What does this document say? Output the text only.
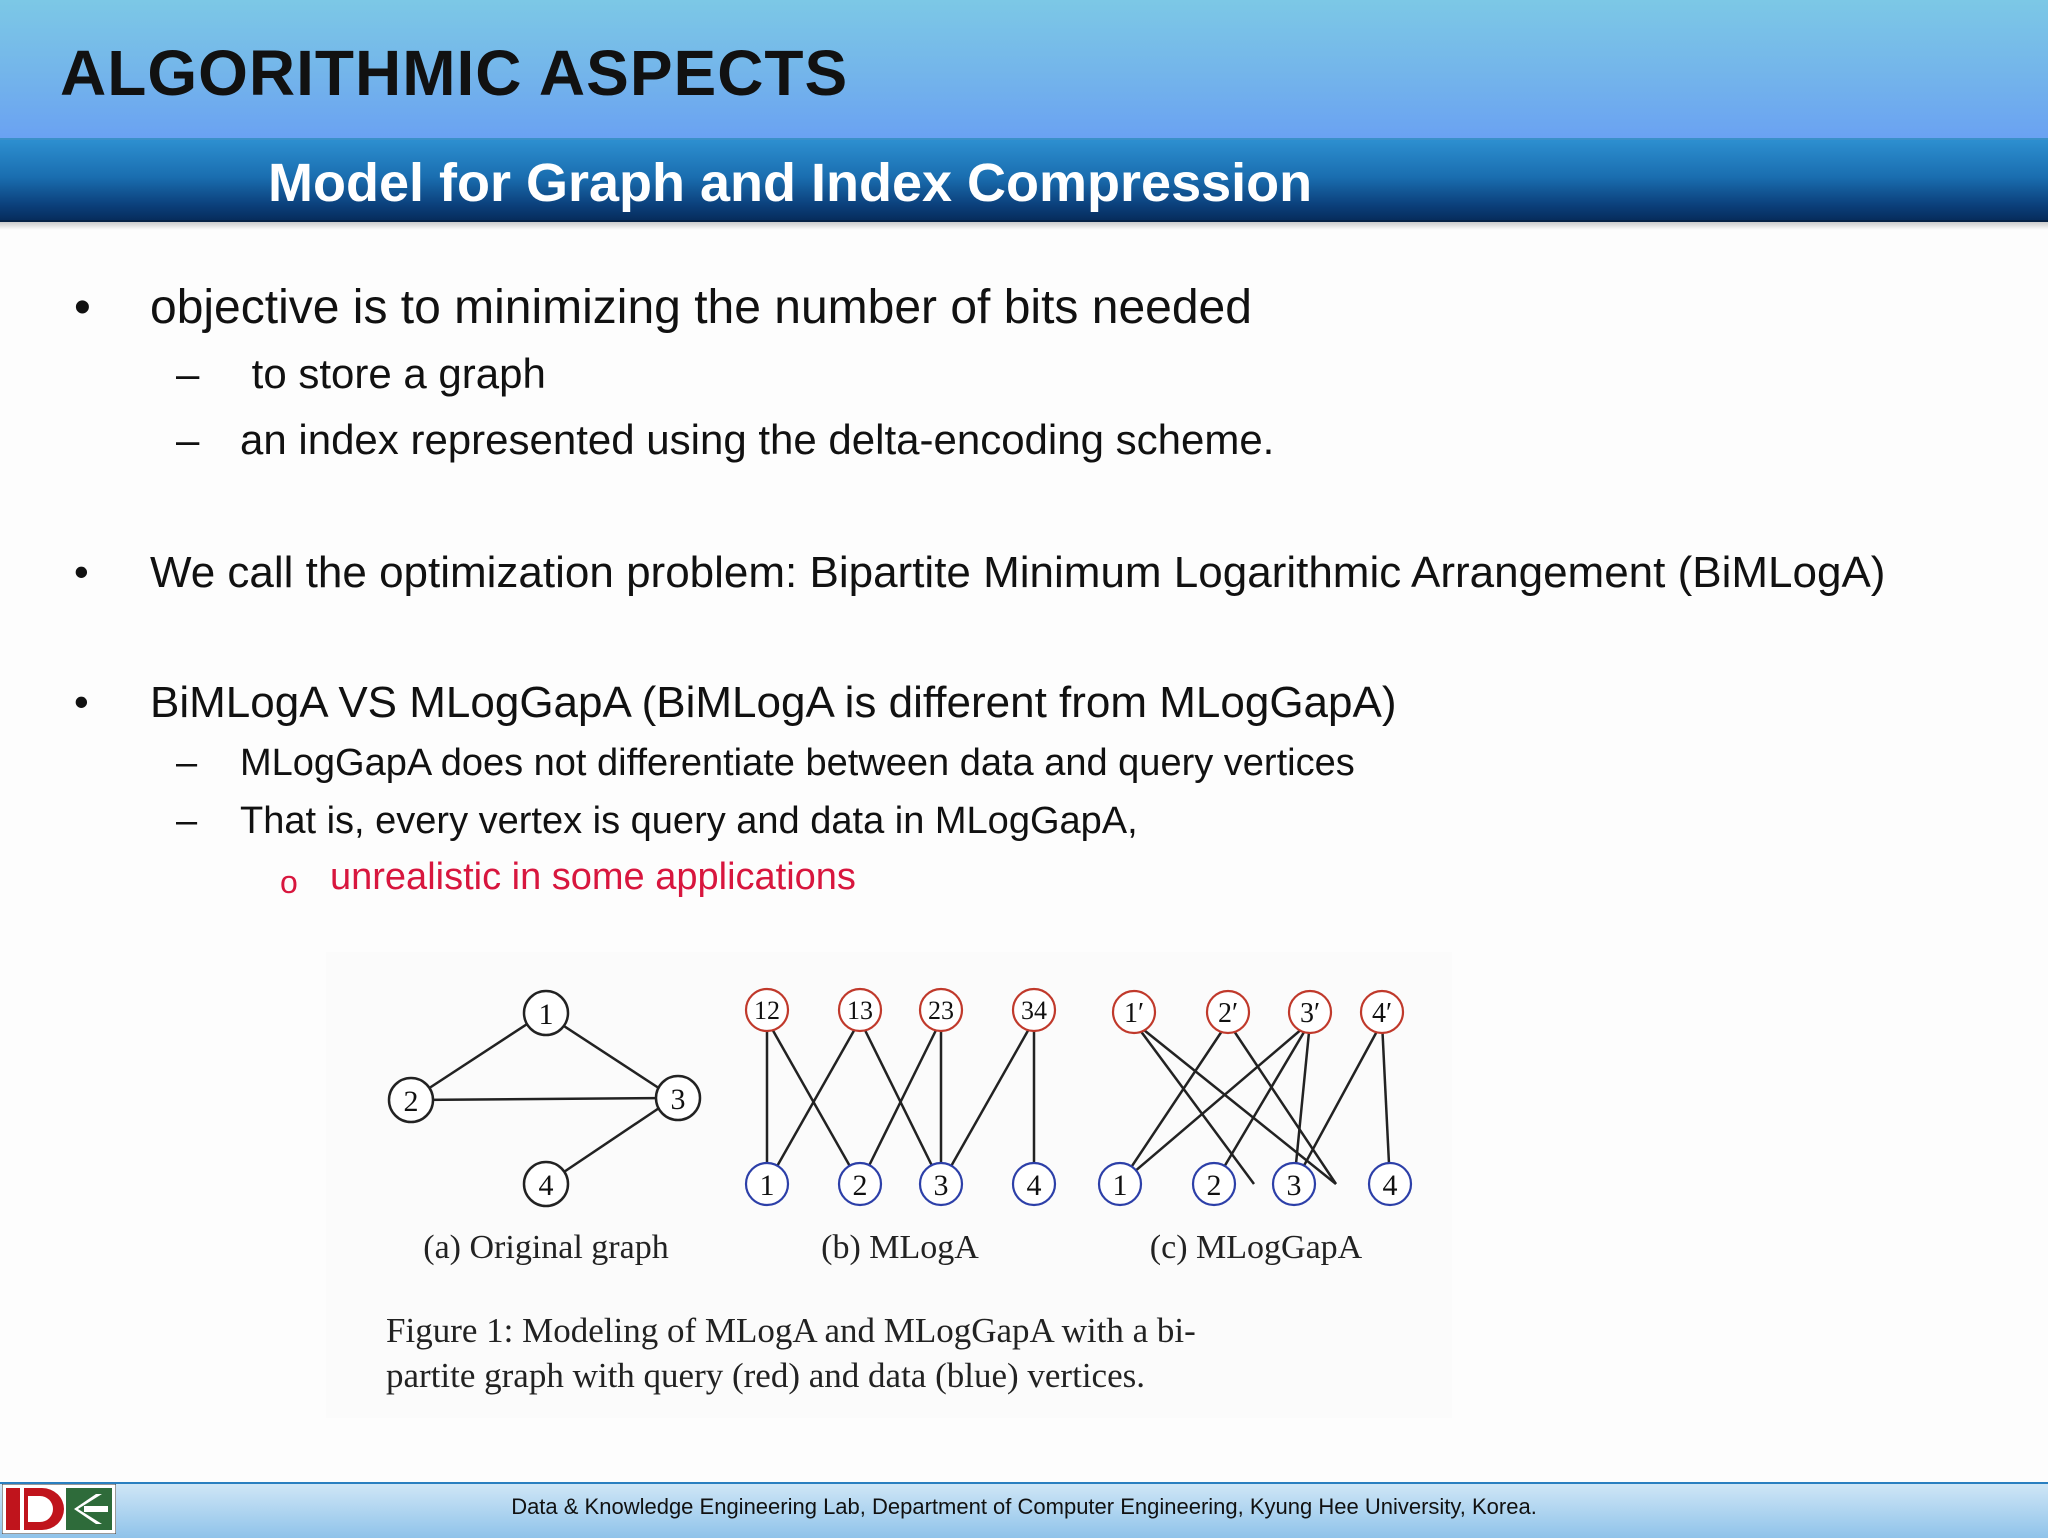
ALGORITHMIC ASPECTS
Model for Graph and Index Compression
• objective is to minimizing the number of bits needed
– to store a graph
– an index represented using the delta-encoding scheme.
• We call the optimization problem: Bipartite Minimum Logarithmic Arrangement (BiMLogA)
• BiMLogA VS MLogGapA (BiMLogA is different from MLogGapA)
– MLogGapA does not differentiate between data and query vertices
– That is, every vertex is query and data in MLogGapA,
o unrealistic in some applications
1
2	3
4
12	13 23	34
1	2 3	4
1′	2′ 3′ 4′
1	2 3	4
(a) Original graph	(b) MLogA	(c) MLogGapA
Figure 1: Modeling of MLogA and MLogGapA with a bi-
partite graph with query (red) and data (blue) vertices.
Data & Knowledge Engineering Lab, Department of Computer Engineering, Kyung Hee University, Korea.
